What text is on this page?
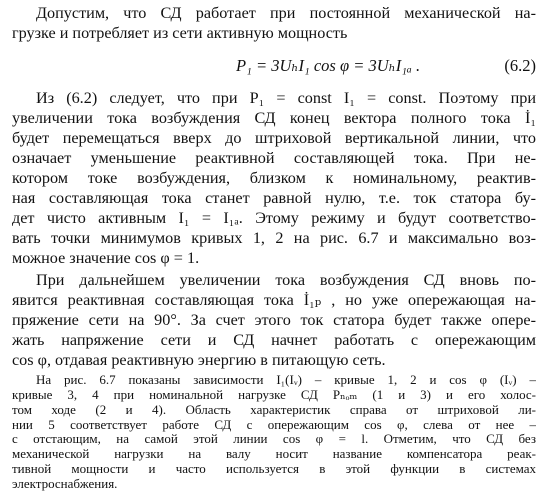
Допустим, что СД работает при постоянной механической на-
грузке и потребляет из сети активную мощность
P₁ = 3UₕI₁ cos φ = 3UₕI₁ₐ .	(6.2)
Из (6.2) следует, что при P₁ = const I₁ = const. Поэтому при
увеличении тока возбуждения СД конец вектора полного тока İ₁
будет перемещаться вверх до штриховой вертикальной линии, что
означает уменьшение реактивной составляющей тока. При не-
котором токе возбуждения, близком к номинальному, реактив-
ная составляющая тока станет равной нулю, т.е. ток статора бу-
дет чисто активным I₁ = I₁ₐ. Этому режиму и будут соответство-
вать точки минимумов кривых 1, 2 на рис. 6.7 и максимально воз-
можное значение cos φ = 1.
При дальнейшем увеличении тока возбуждения СД вновь по-
явится реактивная составляющая тока İ₁ₚ , но уже опережающая на-
пряжение сети на 90°. За счет этого ток статора будет также опере-
жать напряжение сети и СД начнет работать с опережающим
cos φ, отдавая реактивную энергию в питающую сеть.
На рис. 6.7 показаны зависимости I₁(Iᵥ) – кривые 1, 2 и cos φ (Iᵥ) –
кривые 3, 4 при номинальной нагрузке СД Pₙₒₘ (1 и 3) и его холос-
том ходе (2 и 4). Область характеристик справа от штриховой ли-
нии 5 соответствует работе СД с опережающим cos φ, слева от нее –
с отстающим, на самой этой линии cos φ = l. Отметим, что СД без
механической нагрузки на валу носит название компенсатора реак-
тивной мощности и часто используется в этой функции в системах
электроснабжения.
